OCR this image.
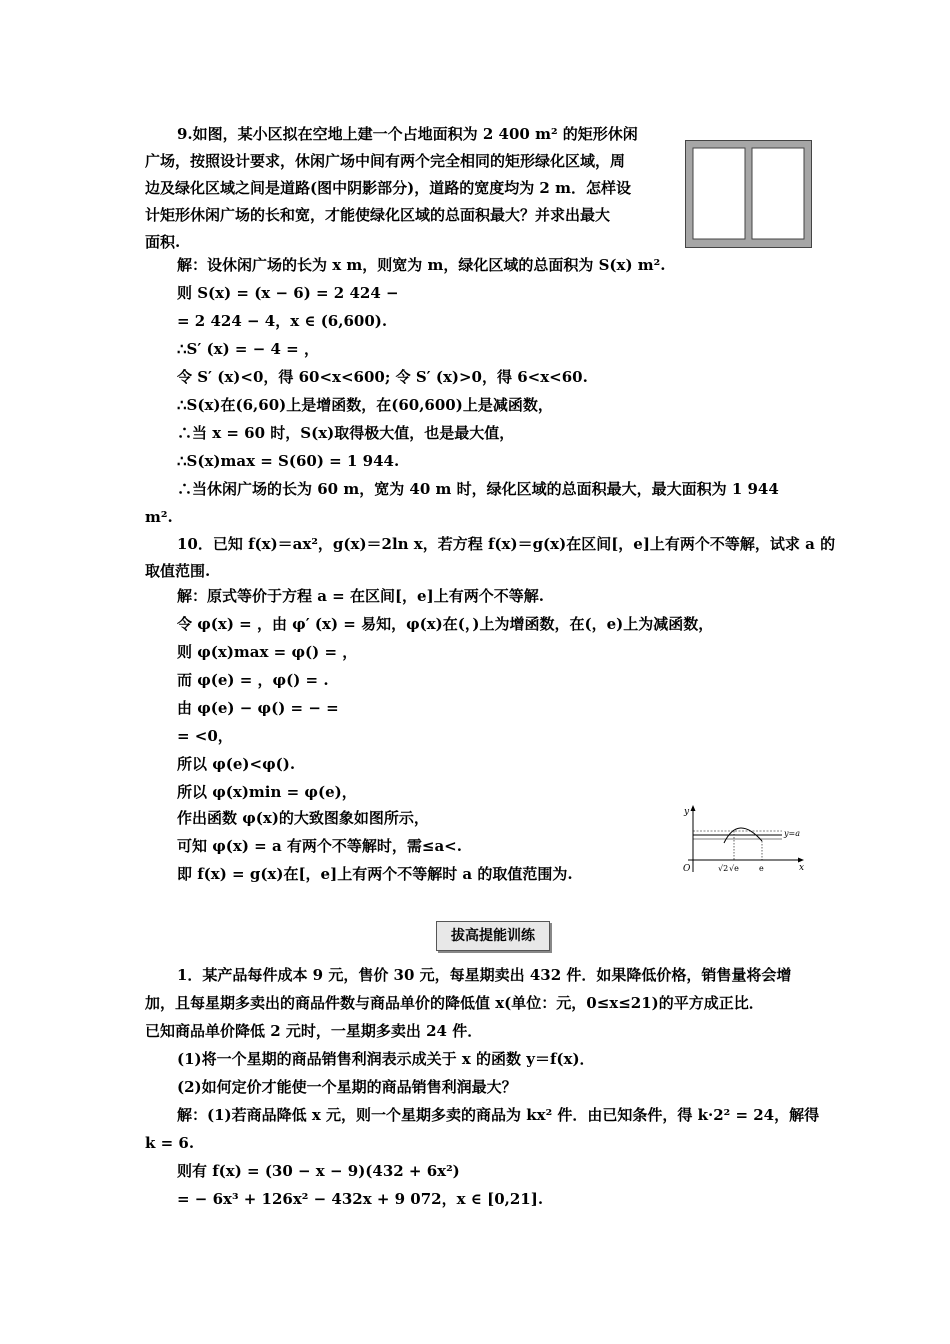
9.如图，某小区拟在空地上建一个占地面积为 2 400 m² 的矩形休闲
广场，按照设计要求，休闲广场中间有两个完全相同的矩形绿化区域，周
边及绿化区域之间是道路(图中阴影部分)，道路的宽度均为 2 m．怎样设
计矩形休闲广场的长和宽，才能使绿化区域的总面积最大？并求出最大
面积.
解：设休闲广场的长为 x m，则宽为 m，绿化区域的总面积为 S(x) m².
则 S(x) = (x − 6) = 2 424 −
= 2 424 − 4，x ∈ (6,600).
∴S′ (x) = − 4 = ，
令 S′ (x)<0，得 60<x<600; 令 S′ (x)>0，得 6<x<60.
∴S(x)在(6,60)上是增函数，在(60,600)上是减函数，
∴当 x = 60 时，S(x)取得极大值，也是最大值，
∴S(x)max = S(60) = 1 944.
∴当休闲广场的长为 60 m，宽为 40 m 时，绿化区域的总面积最大，最大面积为 1 944
m².
10．已知 f(x)＝ax²，g(x)＝2ln x，若方程 f(x)＝g(x)在区间[，e]上有两个不等解，试求 a 的
取值范围.
解：原式等价于方程 a = 在区间[，e]上有两个不等解.
令 φ(x) = ，由 φ′ (x) = 易知，φ(x)在(，)上为增函数，在(，e)上为减函数，
则 φ(x)max = φ() = ，
而 φ(e) = ，φ() = .
由 φ(e) − φ() = − =
= <0，
所以 φ(e)<φ().
所以 φ(x)min = φ(e)，
作出函数 φ(x)的大致图象如图所示，
可知 φ(x) = a 有两个不等解时，需≤a<.
即 f(x) = g(x)在[，e]上有两个不等解时 a 的取值范围为.
y
x
O
y=a
√2 √e	e
拔高提能训练
1．某产品每件成本 9 元，售价 30 元，每星期卖出 432 件．如果降低价格，销售量将会增
加，且每星期多卖出的商品件数与商品单价的降低值 x(单位：元，0≤x≤21)的平方成正比．
已知商品单价降低 2 元时，一星期多卖出 24 件．
(1)将一个星期的商品销售利润表示成关于 x 的函数 y＝f(x)．
(2)如何定价才能使一个星期的商品销售利润最大？
解：(1)若商品降低 x 元，则一个星期多卖的商品为 kx² 件．由已知条件，得 k·2² = 24，解得
k = 6.
则有 f(x) = (30 − x − 9)(432 + 6x²)
= − 6x³ + 126x² − 432x + 9 072，x ∈ [0,21].
